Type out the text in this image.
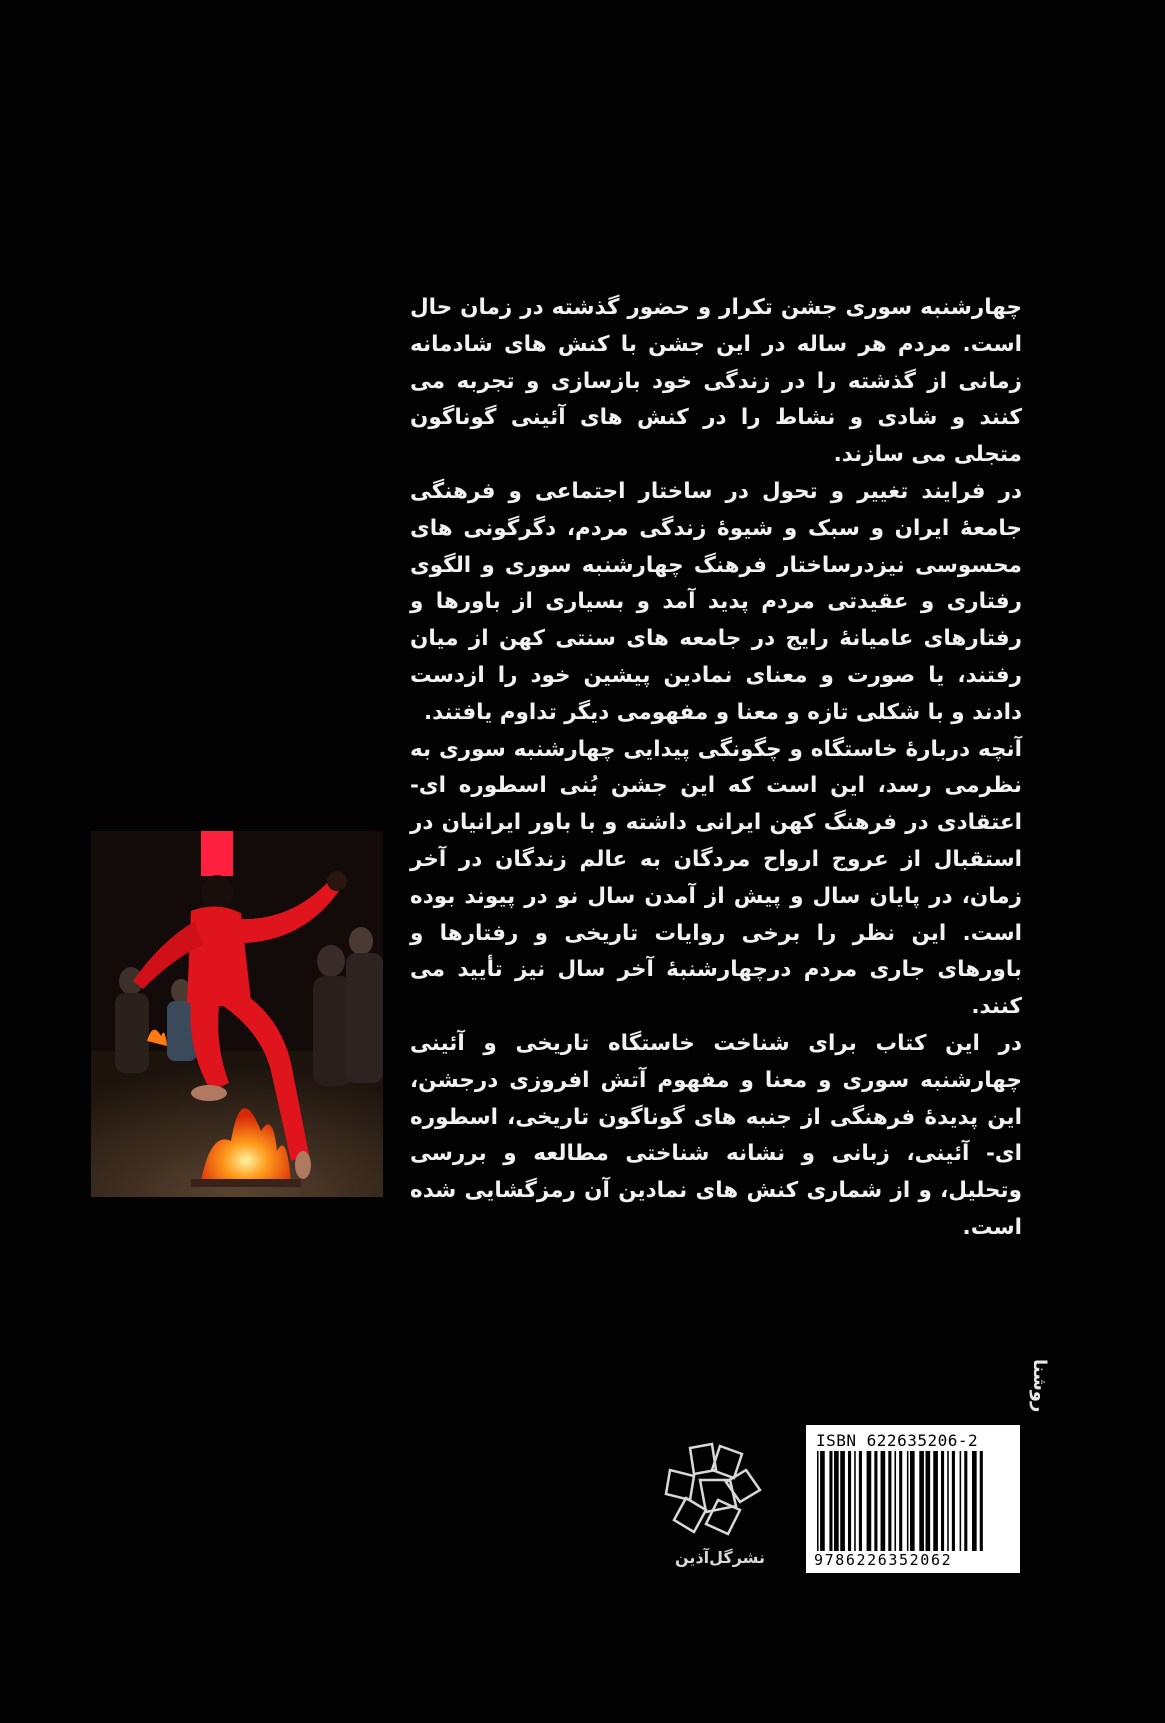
چهارشنبه سوری جشن تکرار و حضور گذشته در زمان حال است. مردم هر ساله در این جشن با کنش های شادمانه زمانی از گذشته را در زندگی خود بازسازی و تجربه می کنند و شادی و نشاط را در کنش های آئینی گوناگون متجلی می سازند.

در فرایند تغییر و تحول در ساختار اجتماعی و فرهنگی جامعهٔ ایران و سبک و شیوهٔ زندگی مردم، دگرگونی های محسوسی نیزدرساختار فرهنگ چهارشنبه سوری و الگوی رفتاری و عقیدتی مردم پدید آمد و بسیاری از باورها و رفتارهای عامیانهٔ رایج در جامعه های سنتی کهن از میان رفتند، یا صورت و معنای نمادین پیشین خود را ازدست دادند و با شکلی تازه و معنا و مفهومی دیگر تداوم یافتند.

آنچه دربارهٔ خاستگاه و چگونگی پیدایی چهارشنبه سوری به نظرمی رسد، این است که این جشن بُنی اسطوره ای- اعتقادی در فرهنگ کهن ایرانی داشته و با باور ایرانیان در استقبال از عروج ارواح مردگان به عالم زندگان در آخر زمان، در پایان سال و پیش از آمدن سال نو در پیوند بوده است. این نظر را برخی روایات تاریخی و رفتارها و باورهای جاری مردم درچهارشنبهٔ آخر سال نیز تأیید می کنند.

در این کتاب برای شناخت خاستگاه تاریخی و آئینی چهارشنبه سوری و معنا و مفهوم آتش افروزی درجشن، این پدیدهٔ فرهنگی از جنبه های گوناگون تاریخی، اسطوره ای- آئینی، زبانی و نشانه شناختی مطالعه و بررسی وتحلیل، و از شماری کنش های نمادین آن رمزگشایی شده است.

روشنا
نشرگل‌آذین
ISBN 622635206-2
9786226352062
